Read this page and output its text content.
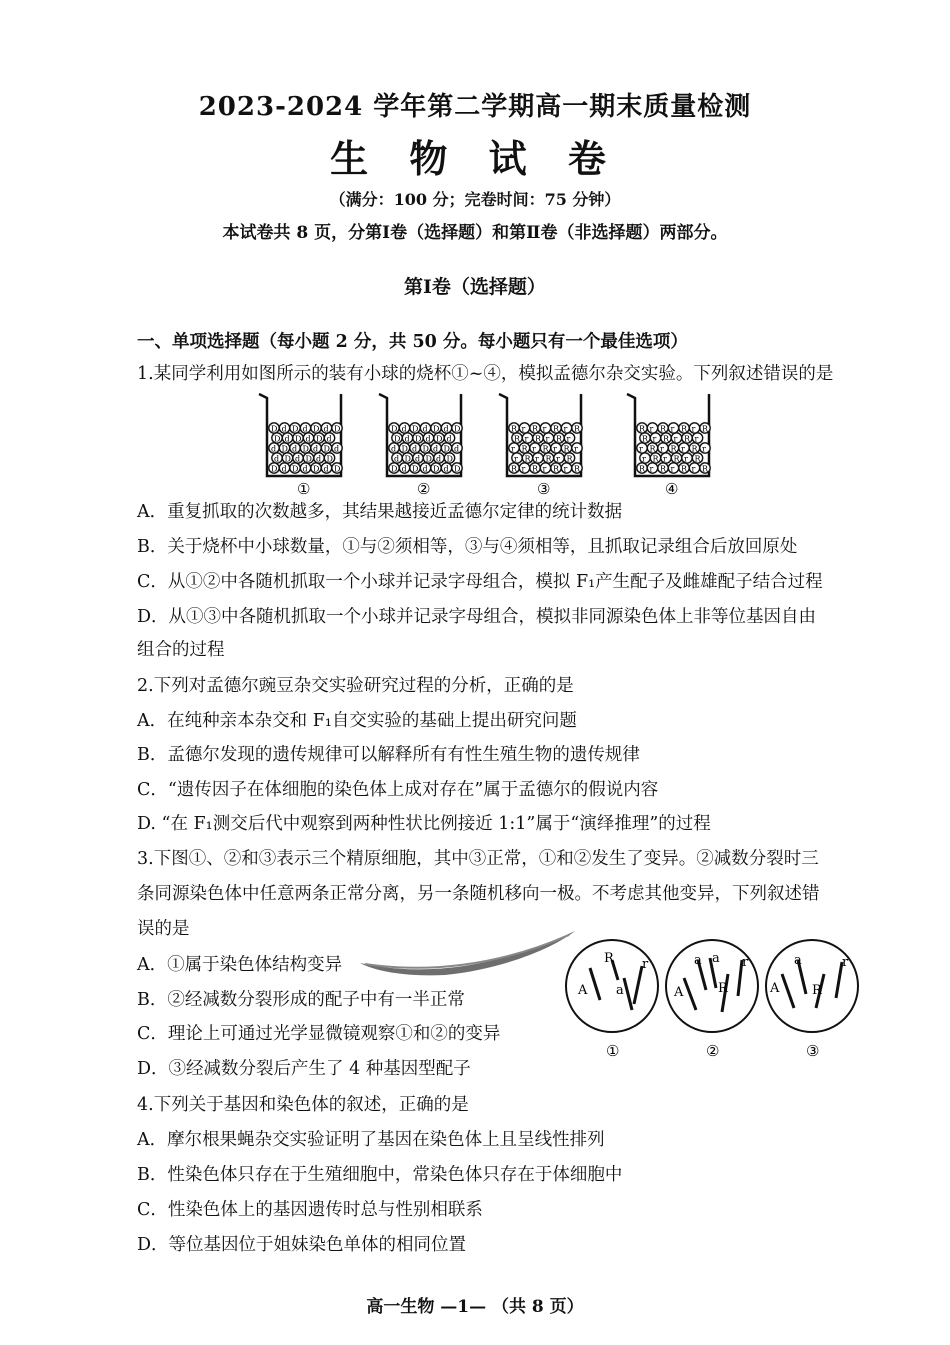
2023-2024 学年第二学期高一期末质量检测
生 物 试 卷
（满分：100 分；完卷时间：75 分钟）
本试卷共 8 页，分第Ⅰ卷（选择题）和第Ⅱ卷（非选择题）两部分。
第Ⅰ卷（选择题）
一、单项选择题（每小题 2 分，共 50 分。每小题只有一个最佳选项）
1.某同学利用如图所示的装有小球的烧杯①~④，模拟孟德尔杂交实验。下列叙述错误的是
D d D d D d D
d D d D d D
d D d D d D d
D d D d D d
D d D d D d D
①
D d D d D d D
d D d D d D
d D d D d D d
D d D d D d
D d D d D d D
②
R r R r R r R
r R r R r R
r R r R r R r
R r R r R r
R r R r R r R
③
R r R r R r R
r R r R r R
r R r R r R r
R r R r R r
R r R r R r R
④
A．重复抓取的次数越多，其结果越接近孟德尔定律的统计数据
B．关于烧杯中小球数量，①与②须相等，③与④须相等，且抓取记录组合后放回原处
C．从①②中各随机抓取一个小球并记录字母组合，模拟 F₁产生配子及雌雄配子结合过程
D．从①③中各随机抓取一个小球并记录字母组合，模拟非同源染色体上非等位基因自由
组合的过程
2.下列对孟德尔豌豆杂交实验研究过程的分析，正确的是
A．在纯种亲本杂交和 F₁自交实验的基础上提出研究问题
B．孟德尔发现的遗传规律可以解释所有有性生殖生物的遗传规律
C．“遗传因子在体细胞的染色体上成对存在”属于孟德尔的假说内容
D. “在 F₁测交后代中观察到两种性状比例接近 1:1”属于“演绎推理”的过程
3.下图①、②和③表示三个精原细胞，其中③正常，①和②发生了变异。②减数分裂时三
条同源染色体中任意两条正常分离，另一条随机移向一极。不考虑其他变异，下列叙述错
误的是
A．①属于染色体结构变异
B．②经减数分裂形成的配子中有一半正常
C．理论上可通过光学显微镜观察①和②的变异
D．③经减数分裂后产生了 4 种基因型配子
A
R
a
r
①
A
a a
R
r
②
A
a
R
r
③
4.下列关于基因和染色体的叙述，正确的是
A．摩尔根果蝇杂交实验证明了基因在染色体上且呈线性排列
B．性染色体只存在于生殖细胞中，常染色体只存在于体细胞中
C．性染色体上的基因遗传时总与性别相联系
D．等位基因位于姐妹染色单体的相同位置
高一生物 —1— （共 8 页）
